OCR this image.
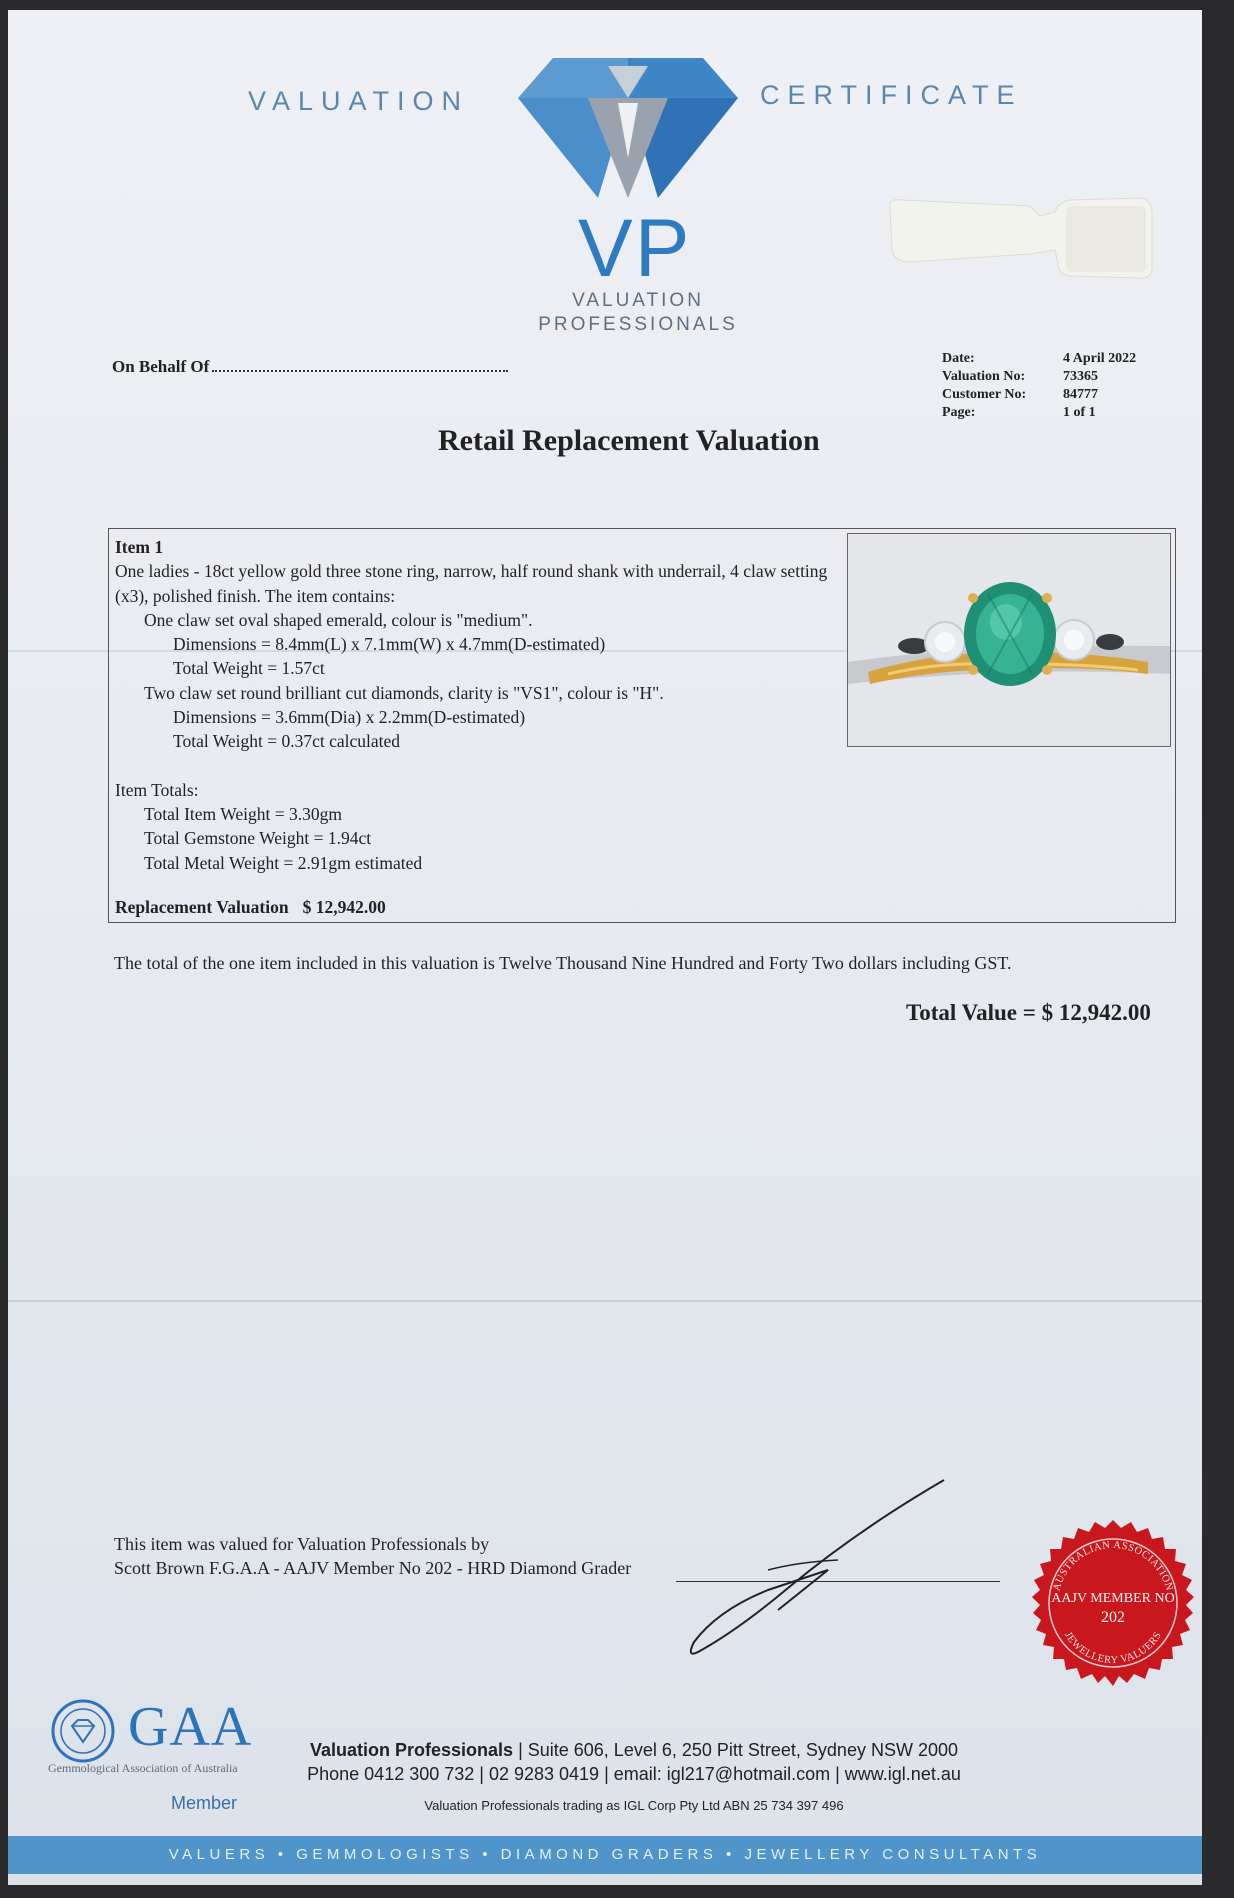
VALUATION	CERTIFICATE
VP
VALUATION
PROFESSIONALS
On Behalf Of	Date:	4 April 2022
Valuation No:	73365
Customer No:	84777
Page:	1 of 1
Retail Replacement Valuation
Item 1
One ladies - 18ct yellow gold three stone ring, narrow, half round shank with underrail, 4 claw setting (x3), polished finish. The item contains:
One claw set oval shaped emerald, colour is "medium".
Dimensions = 8.4mm(L) x 7.1mm(W) x 4.7mm(D-estimated)
Total Weight = 1.57ct
Two claw set round brilliant cut diamonds, clarity is "VS1", colour is "H".
Dimensions = 3.6mm(Dia) x 2.2mm(D-estimated)
Total Weight = 0.37ct calculated
Item Totals:
Total Item Weight = 3.30gm
Total Gemstone Weight = 1.94ct
Total Metal Weight = 2.91gm estimated
Replacement Valuation $ 12,942.00
The total of the one item included in this valuation is Twelve Thousand Nine Hundred and Forty Two dollars including GST.
Total Value = $ 12,942.00
This item was valued for Valuation Professionals by
Scott Brown F.G.A.A - AAJV Member No 202 - HRD Diamond Grader
AUSTRALIAN ASSOCIATION
JEWELLERY VALUERS
AAJV MEMBER NO
202
GAA
Gemmological Association of Australia
Member
Valuation Professionals | Suite 606, Level 6, 250 Pitt Street, Sydney NSW 2000
Phone 0412 300 732 | 02 9283 0419 | email: igl217@hotmail.com | www.igl.net.au
Valuation Professionals trading as IGL Corp Pty Ltd ABN 25 734 397 496
VALUERS • GEMMOLOGISTS • DIAMOND GRADERS • JEWELLERY CONSULTANTS
